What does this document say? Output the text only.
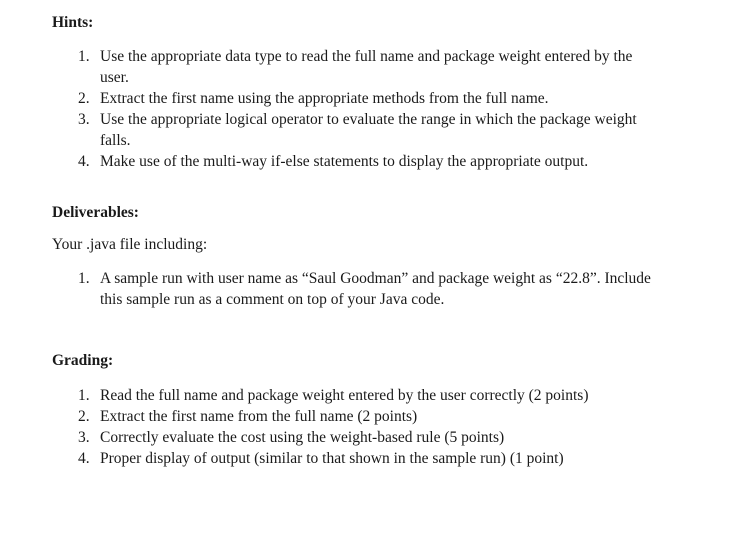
Hints:
1. Use the appropriate data type to read the full name and package weight entered by the user.
2. Extract the first name using the appropriate methods from the full name.
3. Use the appropriate logical operator to evaluate the range in which the package weight falls.
4. Make use of the multi-way if-else statements to display the appropriate output.
Deliverables:
Your .java file including:
1. A sample run with user name as “Saul Goodman” and package weight as “22.8”. Include this sample run as a comment on top of your Java code.
Grading:
1. Read the full name and package weight entered by the user correctly (2 points)
2. Extract the first name from the full name (2 points)
3. Correctly evaluate the cost using the weight-based rule (5 points)
4. Proper display of output (similar to that shown in the sample run) (1 point)
